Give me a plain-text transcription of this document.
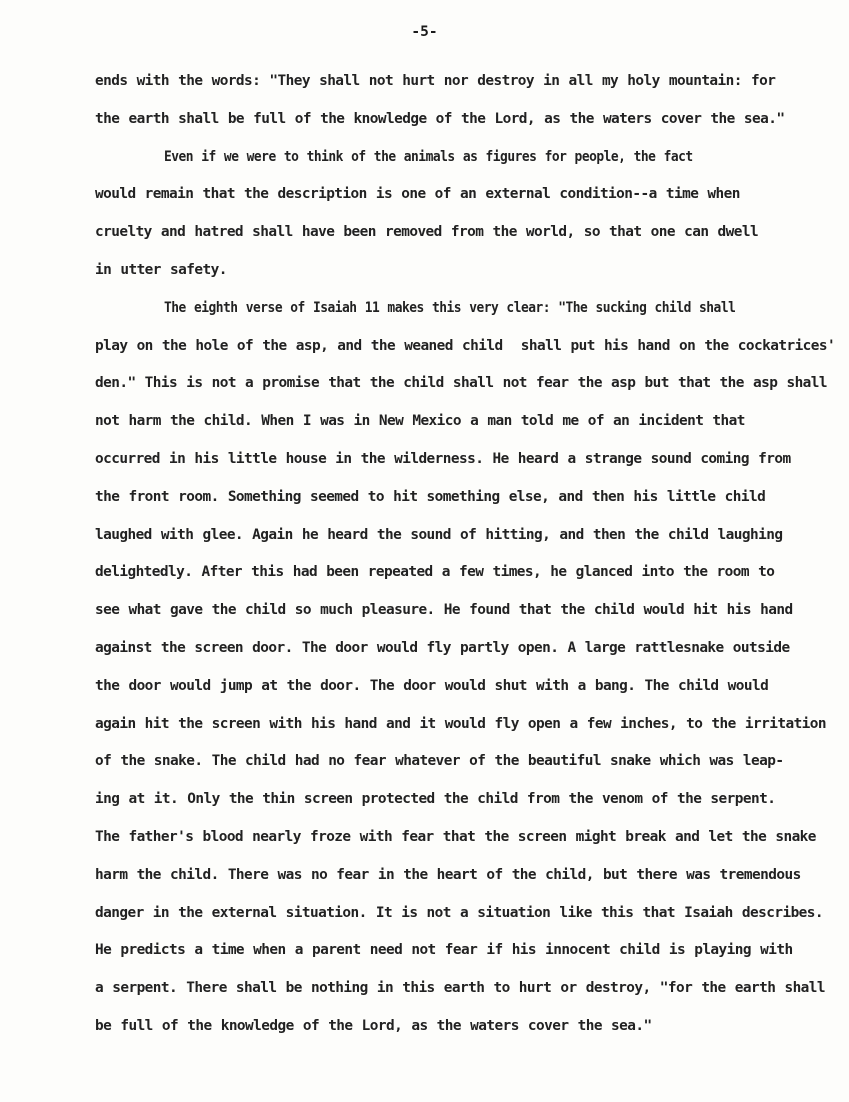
-5-
ends with the words: "They shall not hurt nor destroy in all my holy mountain: for
the earth shall be full of the knowledge of the Lord, as the waters cover the sea."
Even if we were to think of the animals as figures for people, the fact
would remain that the description is one of an external condition--a time when
cruelty and hatred shall have been removed from the world, so that one can dwell
in utter safety.
The eighth verse of Isaiah 11 makes this very clear: "The sucking child shall
play on the hole of the asp, and the weaned child  shall put his hand on the cockatrices'
den." This is not a promise that the child shall not fear the asp but that the asp shall
not harm the child. When I was in New Mexico a man told me of an incident that
occurred in his little house in the wilderness. He heard a strange sound coming from
the front room. Something seemed to hit something else, and then his little child
laughed with glee. Again he heard the sound of hitting, and then the child laughing
delightedly. After this had been repeated a few times, he glanced into the room to
see what gave the child so much pleasure. He found that the child would hit his hand
against the screen door. The door would fly partly open. A large rattlesnake outside
the door would jump at the door. The door would shut with a bang. The child would
again hit the screen with his hand and it would fly open a few inches, to the irritation
of the snake. The child had no fear whatever of the beautiful snake which was leap-
ing at it. Only the thin screen protected the child from the venom of the serpent.
The father's blood nearly froze with fear that the screen might break and let the snake
harm the child. There was no fear in the heart of the child, but there was tremendous
danger in the external situation. It is not a situation like this that Isaiah describes.
He predicts a time when a parent need not fear if his innocent child is playing with
a serpent. There shall be nothing in this earth to hurt or destroy, "for the earth shall
be full of the knowledge of the Lord, as the waters cover the sea."
